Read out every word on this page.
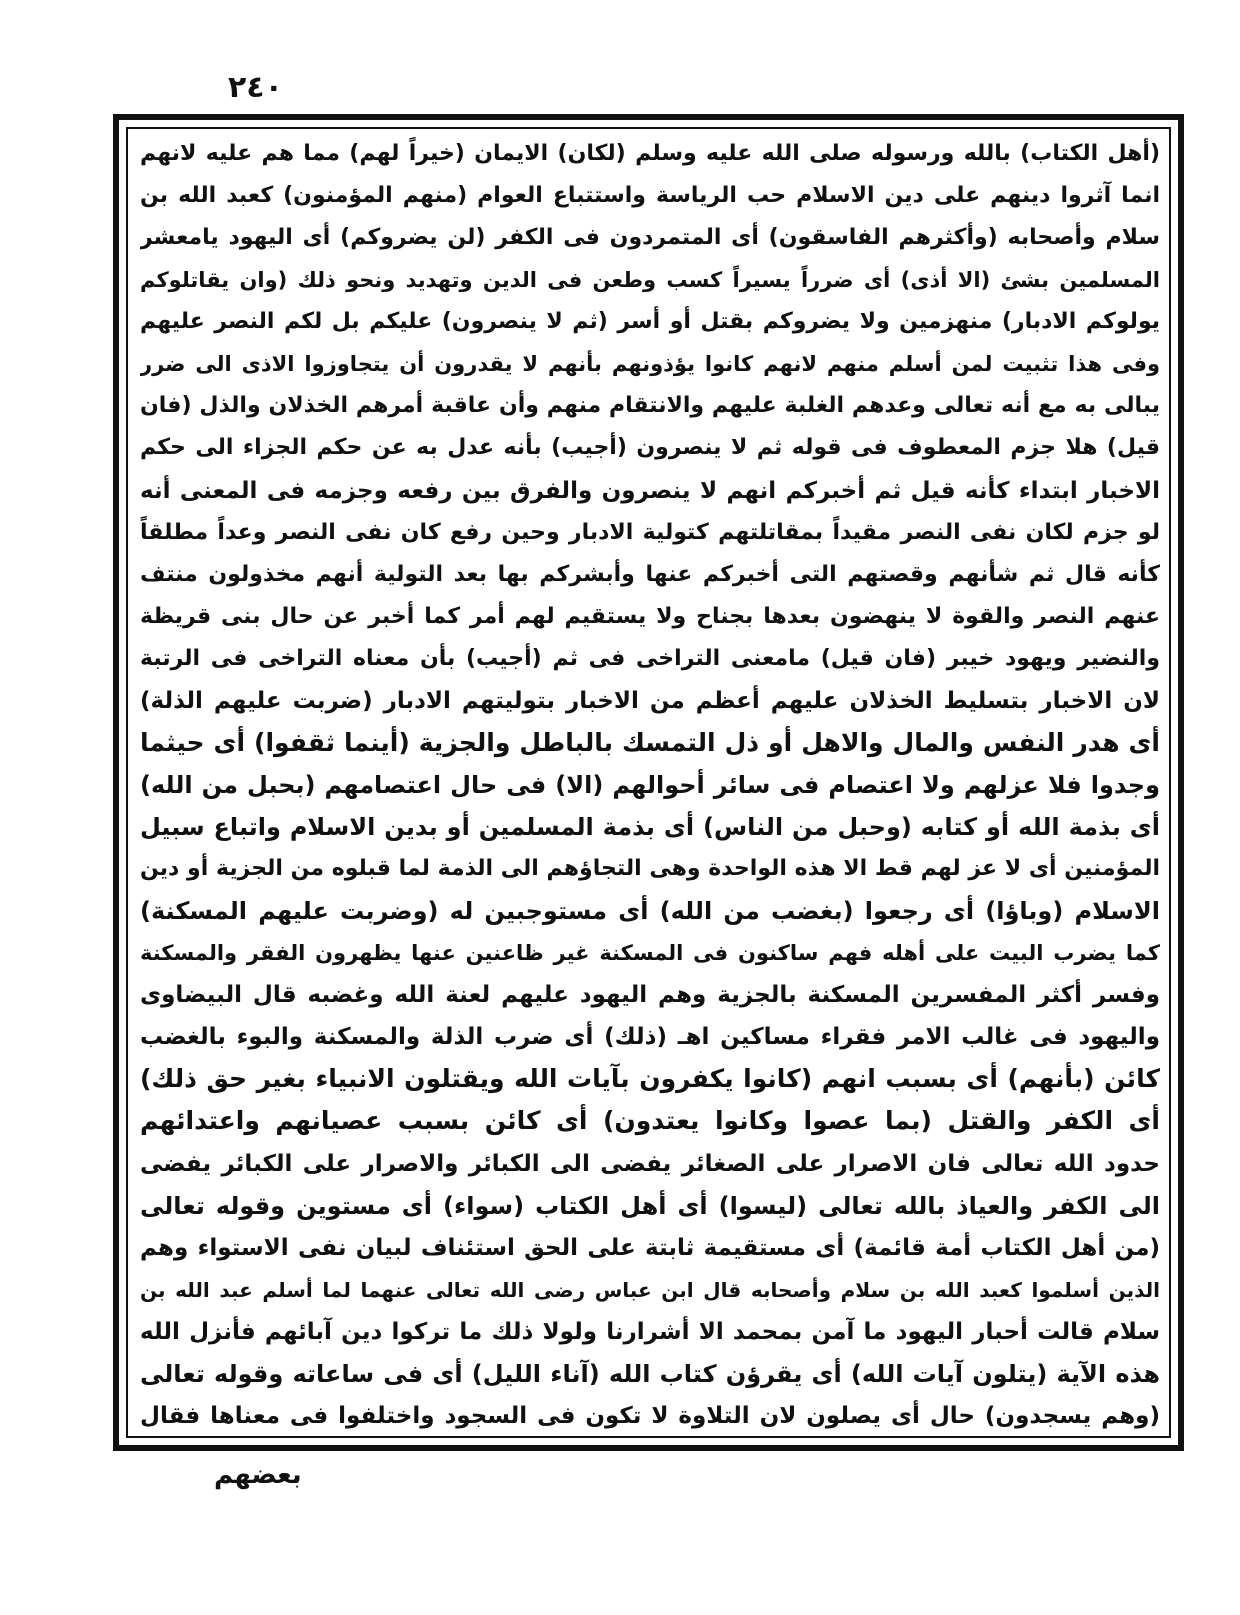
٢٤٠
(أهل الكتاب) بالله ورسوله صلى الله عليه وسلم (لكان) الايمان (خيراً لهم) مما هم عليه لانهم
انما آثروا دينهم على دين الاسلام حب الرياسة واستتباع العوام (منهم المؤمنون) كعبد الله بن
سلام وأصحابه (وأكثرهم الفاسقون) أى المتمردون فى الكفر (لن يضروكم) أى اليهود يامعشر
المسلمين بشئ (الا أذى) أى ضرراً يسيراً كسب وطعن فى الدين وتهديد ونحو ذلك (وان يقاتلوكم
يولوكم الادبار) منهزمين ولا يضروكم بقتل أو أسر (ثم لا ينصرون) عليكم بل لكم النصر عليهم
وفى هذا تثبيت لمن أسلم منهم لانهم كانوا يؤذونهم بأنهم لا يقدرون أن يتجاوزوا الاذى الى ضرر
يبالى به مع أنه تعالى وعدهم الغلبة عليهم والانتقام منهم وأن عاقبة أمرهم الخذلان والذل (فان
قيل) هلا جزم المعطوف فى قوله ثم لا ينصرون (أجيب) بأنه عدل به عن حكم الجزاء الى حكم
الاخبار ابتداء كأنه قيل ثم أخبركم انهم لا ينصرون والفرق بين رفعه وجزمه فى المعنى أنه
لو جزم لكان نفى النصر مقيداً بمقاتلتهم كتولية الادبار وحين رفع كان نفى النصر وعداً مطلقاً
كأنه قال ثم شأنهم وقصتهم التى أخبركم عنها وأبشركم بها بعد التولية أنهم مخذولون منتف
عنهم النصر والقوة لا ينهضون بعدها بجناح ولا يستقيم لهم أمر كما أخبر عن حال بنى قريظة
والنضير ويهود خيبر (فان قيل) مامعنى التراخى فى ثم (أجيب) بأن معناه التراخى فى الرتبة
لان الاخبار بتسليط الخذلان عليهم أعظم من الاخبار بتوليتهم الادبار (ضربت عليهم الذلة)
أى هدر النفس والمال والاهل أو ذل التمسك بالباطل والجزية (أينما ثقفوا) أى حيثما
وجدوا فلا عزلهم ولا اعتصام فى سائر أحوالهم (الا) فى حال اعتصامهم (بحبل من الله)
أى بذمة الله أو كتابه (وحبل من الناس) أى بذمة المسلمين أو بدين الاسلام واتباع سبيل
المؤمنين أى لا عز لهم قط الا هذه الواحدة وهى التجاؤهم الى الذمة لما قبلوه من الجزية أو دين
الاسلام (وباؤا) أى رجعوا (بغضب من الله) أى مستوجبين له (وضربت عليهم المسكنة)
كما يضرب البيت على أهله فهم ساكنون فى المسكنة غير ظاعنين عنها يظهرون الفقر والمسكنة
وفسر أكثر المفسرين المسكنة بالجزية وهم اليهود عليهم لعنة الله وغضبه قال البيضاوى
واليهود فى غالب الامر فقراء مساكين اهـ (ذلك) أى ضرب الذلة والمسكنة والبوء بالغضب
كائن (بأنهم) أى بسبب انهم (كانوا يكفرون بآيات الله ويقتلون الانبياء بغير حق ذلك)
أى الكفر والقتل (بما عصوا وكانوا يعتدون) أى كائن بسبب عصيانهم واعتدائهم
حدود الله تعالى فان الاصرار على الصغائر يفضى الى الكبائر والاصرار على الكبائر يفضى
الى الكفر والعياذ بالله تعالى (ليسوا) أى أهل الكتاب (سواء) أى مستوين وقوله تعالى
(من أهل الكتاب أمة قائمة) أى مستقيمة ثابتة على الحق استئناف لبيان نفى الاستواء وهم
الذين أسلموا كعبد الله بن سلام وأصحابه قال ابن عباس رضى الله تعالى عنهما لما أسلم عبد الله بن
سلام قالت أحبار اليهود ما آمن بمحمد الا أشرارنا ولولا ذلك ما تركوا دين آبائهم فأنزل الله
هذه الآية (يتلون آيات الله) أى يقرؤن كتاب الله (آناء الليل) أى فى ساعاته وقوله تعالى
(وهم يسجدون) حال أى يصلون لان التلاوة لا تكون فى السجود واختلفوا فى معناها فقال
بعضهم
